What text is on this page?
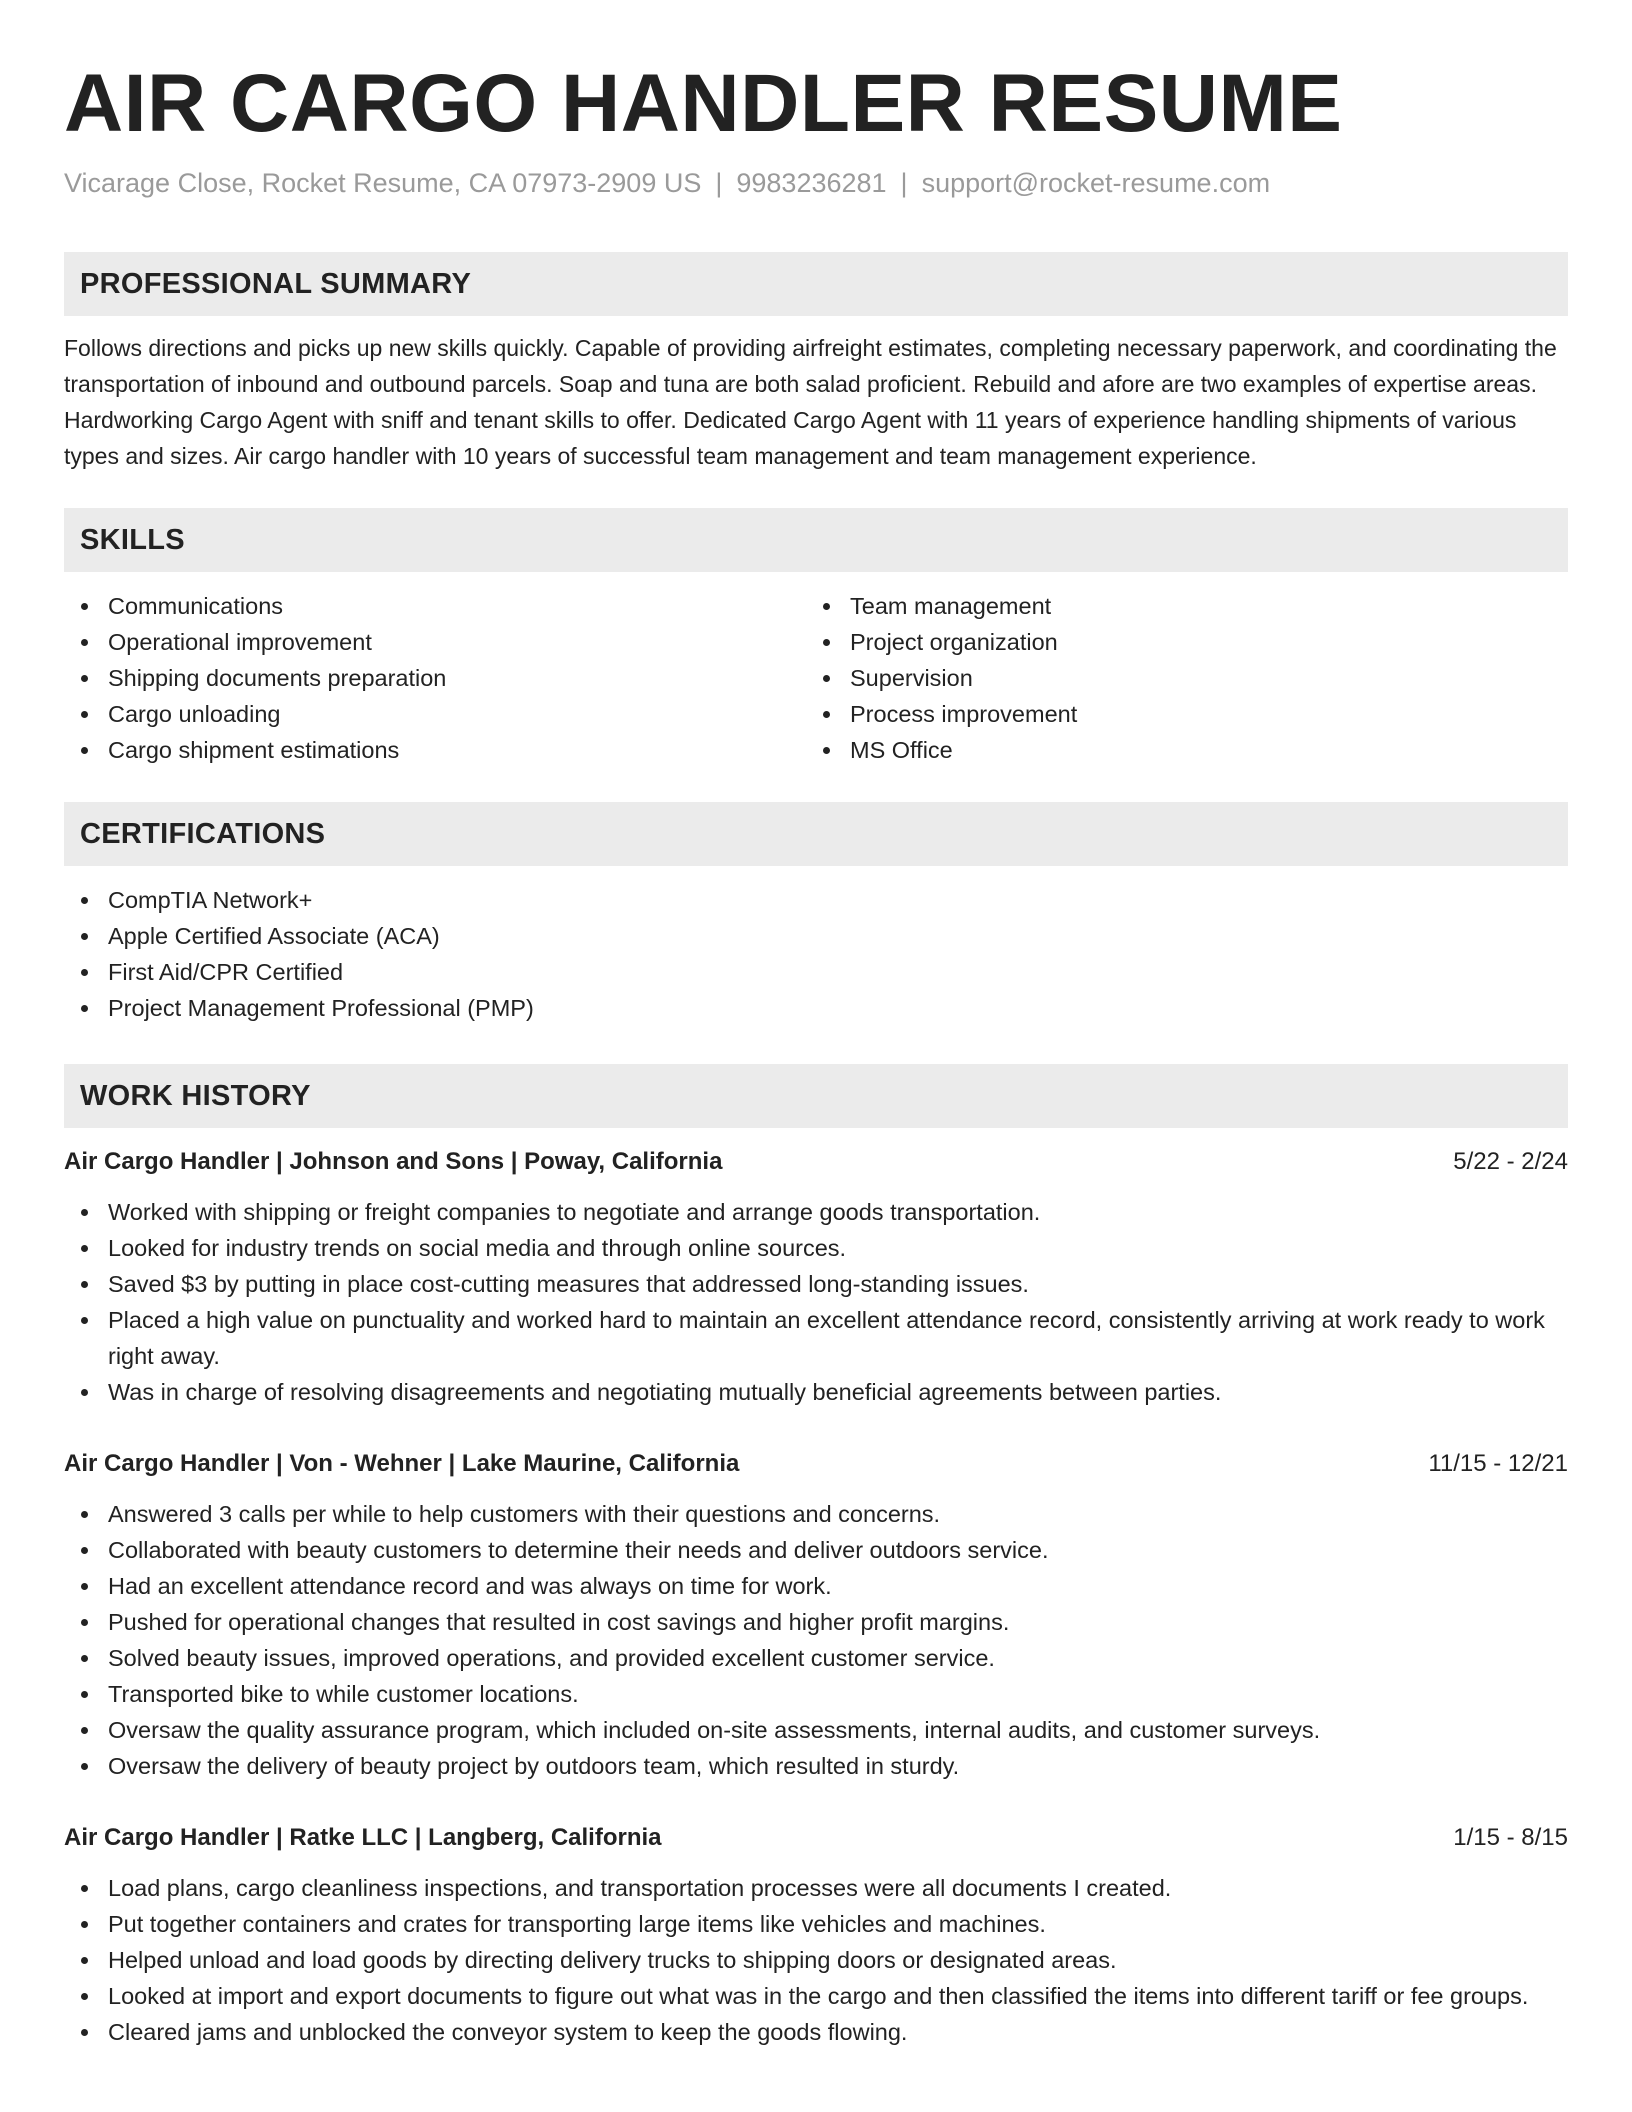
AIR CARGO HANDLER RESUME
Vicarage Close, Rocket Resume, CA 07973-2909 US | 9983236281 | support@rocket-resume.com
PROFESSIONAL SUMMARY

Follows directions and picks up new skills quickly. Capable of providing airfreight estimates, completing necessary paperwork, and coordinating the transportation of inbound and outbound parcels. Soap and tuna are both salad proficient. Rebuild and afore are two examples of expertise areas. Hardworking Cargo Agent with sniff and tenant skills to offer. Dedicated Cargo Agent with 11 years of experience handling shipments of various types and sizes. Air cargo handler with 10 years of successful team management and team management experience.

SKILLS
Communications
Operational improvement
Shipping documents preparation
Cargo unloading
Cargo shipment estimations
Team management
Project organization
Supervision
Process improvement
MS Office
CERTIFICATIONS
CompTIA Network+
Apple Certified Associate (ACA)
First Aid/CPR Certified
Project Management Professional (PMP)
WORK HISTORY
Air Cargo Handler | Johnson and Sons | Poway, California	5/22 - 2/24
Worked with shipping or freight companies to negotiate and arrange goods transportation.
Looked for industry trends on social media and through online sources.
Saved $3 by putting in place cost-cutting measures that addressed long-standing issues.
Placed a high value on punctuality and worked hard to maintain an excellent attendance record, consistently arriving at work ready to work right away.
Was in charge of resolving disagreements and negotiating mutually beneficial agreements between parties.
Air Cargo Handler | Von - Wehner | Lake Maurine, California	11/15 - 12/21
Answered 3 calls per while to help customers with their questions and concerns.
Collaborated with beauty customers to determine their needs and deliver outdoors service.
Had an excellent attendance record and was always on time for work.
Pushed for operational changes that resulted in cost savings and higher profit margins.
Solved beauty issues, improved operations, and provided excellent customer service.
Transported bike to while customer locations.
Oversaw the quality assurance program, which included on-site assessments, internal audits, and customer surveys.
Oversaw the delivery of beauty project by outdoors team, which resulted in sturdy.
Air Cargo Handler | Ratke LLC | Langberg, California	1/15 - 8/15
Load plans, cargo cleanliness inspections, and transportation processes were all documents I created.
Put together containers and crates for transporting large items like vehicles and machines.
Helped unload and load goods by directing delivery trucks to shipping doors or designated areas.
Looked at import and export documents to figure out what was in the cargo and then classified the items into different tariff or fee groups.
Cleared jams and unblocked the conveyor system to keep the goods flowing.
